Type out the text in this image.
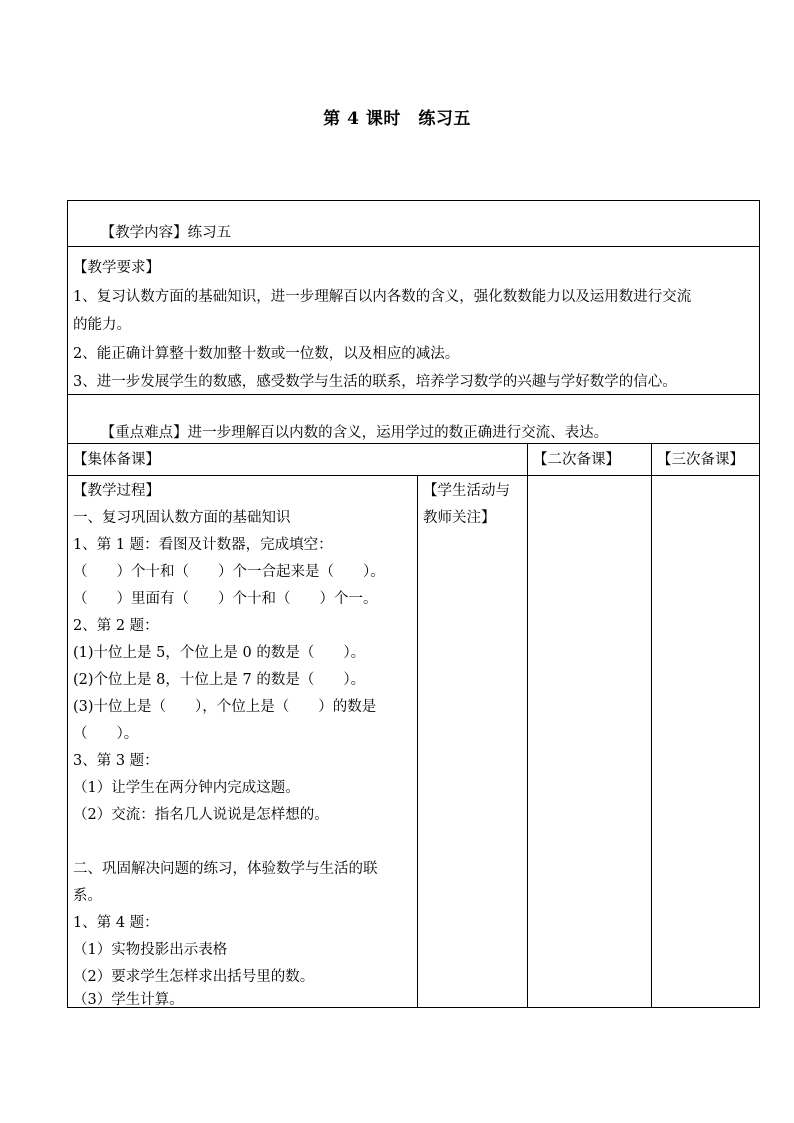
第 4 课时　练习五

【教学内容】练习五

【教学要求】
1、复习认数方面的基础知识，进一步理解百以内各数的含义，强化数数能力以及运用数进行交流
的能力。
2、能正确计算整十数加整十数或一位数，以及相应的减法。
3、进一步发展学生的数感，感受数学与生活的联系，培养学习数学的兴趣与学好数学的信心。

【重点难点】进一步理解百以内数的含义，运用学过的数正确进行交流、表达。

【集体备课】	【二次备课】	【三次备课】
【教学过程】
一、复习巩固认数方面的基础知识
1、第 1 题：看图及计数器，完成填空：
（　　）个十和（　　）个一合起来是（　　）。
（　　）里面有（　　）个十和（　　）个一。
2、第 2 题：
(1)十位上是 5，个位上是 0 的数是（　　）。
(2)个位上是 8，十位上是 7 的数是（　　）。
(3)十位上是（　　），个位上是（　　）的数是
（　　）。
3、第 3 题：
（1）让学生在两分钟内完成这题。
（2）交流：指名几人说说是怎样想的。
二、巩固解决问题的练习，体验数学与生活的联
系。
1、第 4 题：
（1）实物投影出示表格
（2）要求学生怎样求出括号里的数。
（3）学生计算。
【学生活动与
教师关注】
